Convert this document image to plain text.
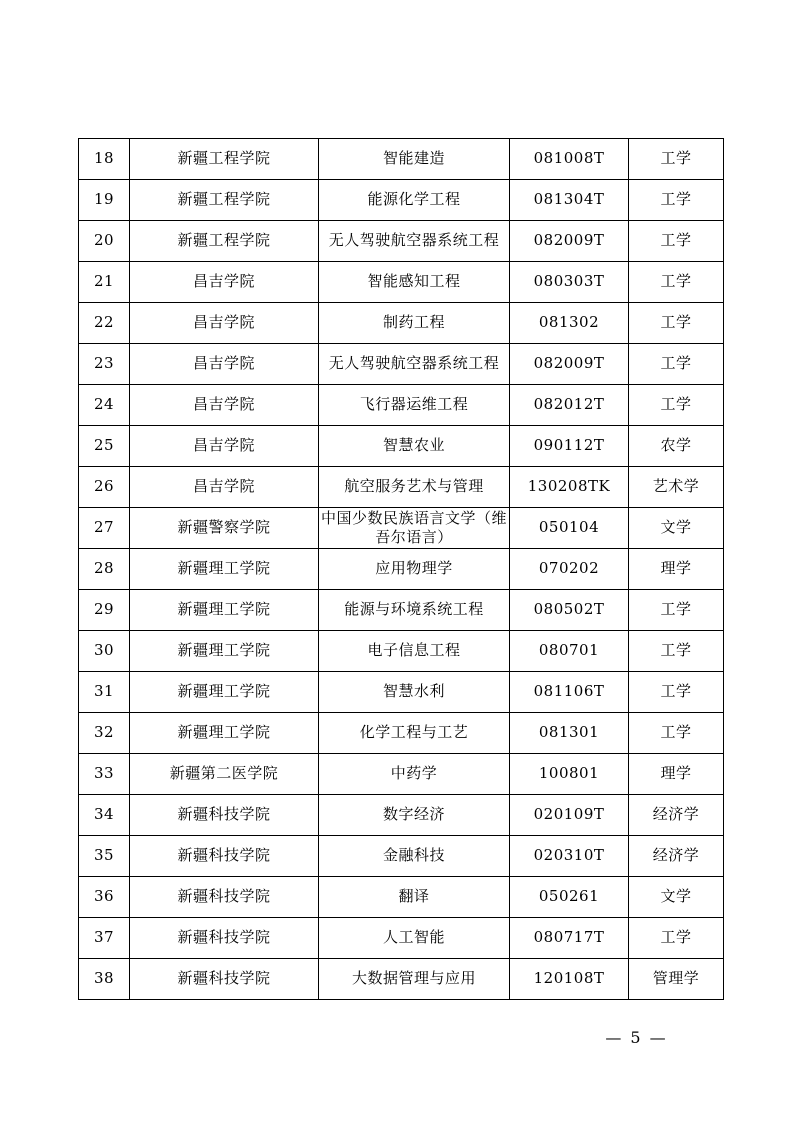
18	新疆工程学院	智能建造	081008T	工学
19	新疆工程学院	能源化学工程	081304T	工学
20	新疆工程学院	无人驾驶航空器系统工程	082009T	工学
21	昌吉学院	智能感知工程	080303T	工学
22	昌吉学院	制药工程	081302	工学
23	昌吉学院	无人驾驶航空器系统工程	082009T	工学
24	昌吉学院	飞行器运维工程	082012T	工学
25	昌吉学院	智慧农业	090112T	农学
26	昌吉学院	航空服务艺术与管理	130208TK	艺术学
27	新疆警察学院	中国少数民族语言文学（维吾尔语言）	050104	文学
28	新疆理工学院	应用物理学	070202	理学
29	新疆理工学院	能源与环境系统工程	080502T	工学
30	新疆理工学院	电子信息工程	080701	工学
31	新疆理工学院	智慧水利	081106T	工学
32	新疆理工学院	化学工程与工艺	081301	工学
33	新疆第二医学院	中药学	100801	理学
34	新疆科技学院	数字经济	020109T	经济学
35	新疆科技学院	金融科技	020310T	经济学
36	新疆科技学院	翻译	050261	文学
37	新疆科技学院	人工智能	080717T	工学
38	新疆科技学院	大数据管理与应用	120108T	管理学
— 5 —
